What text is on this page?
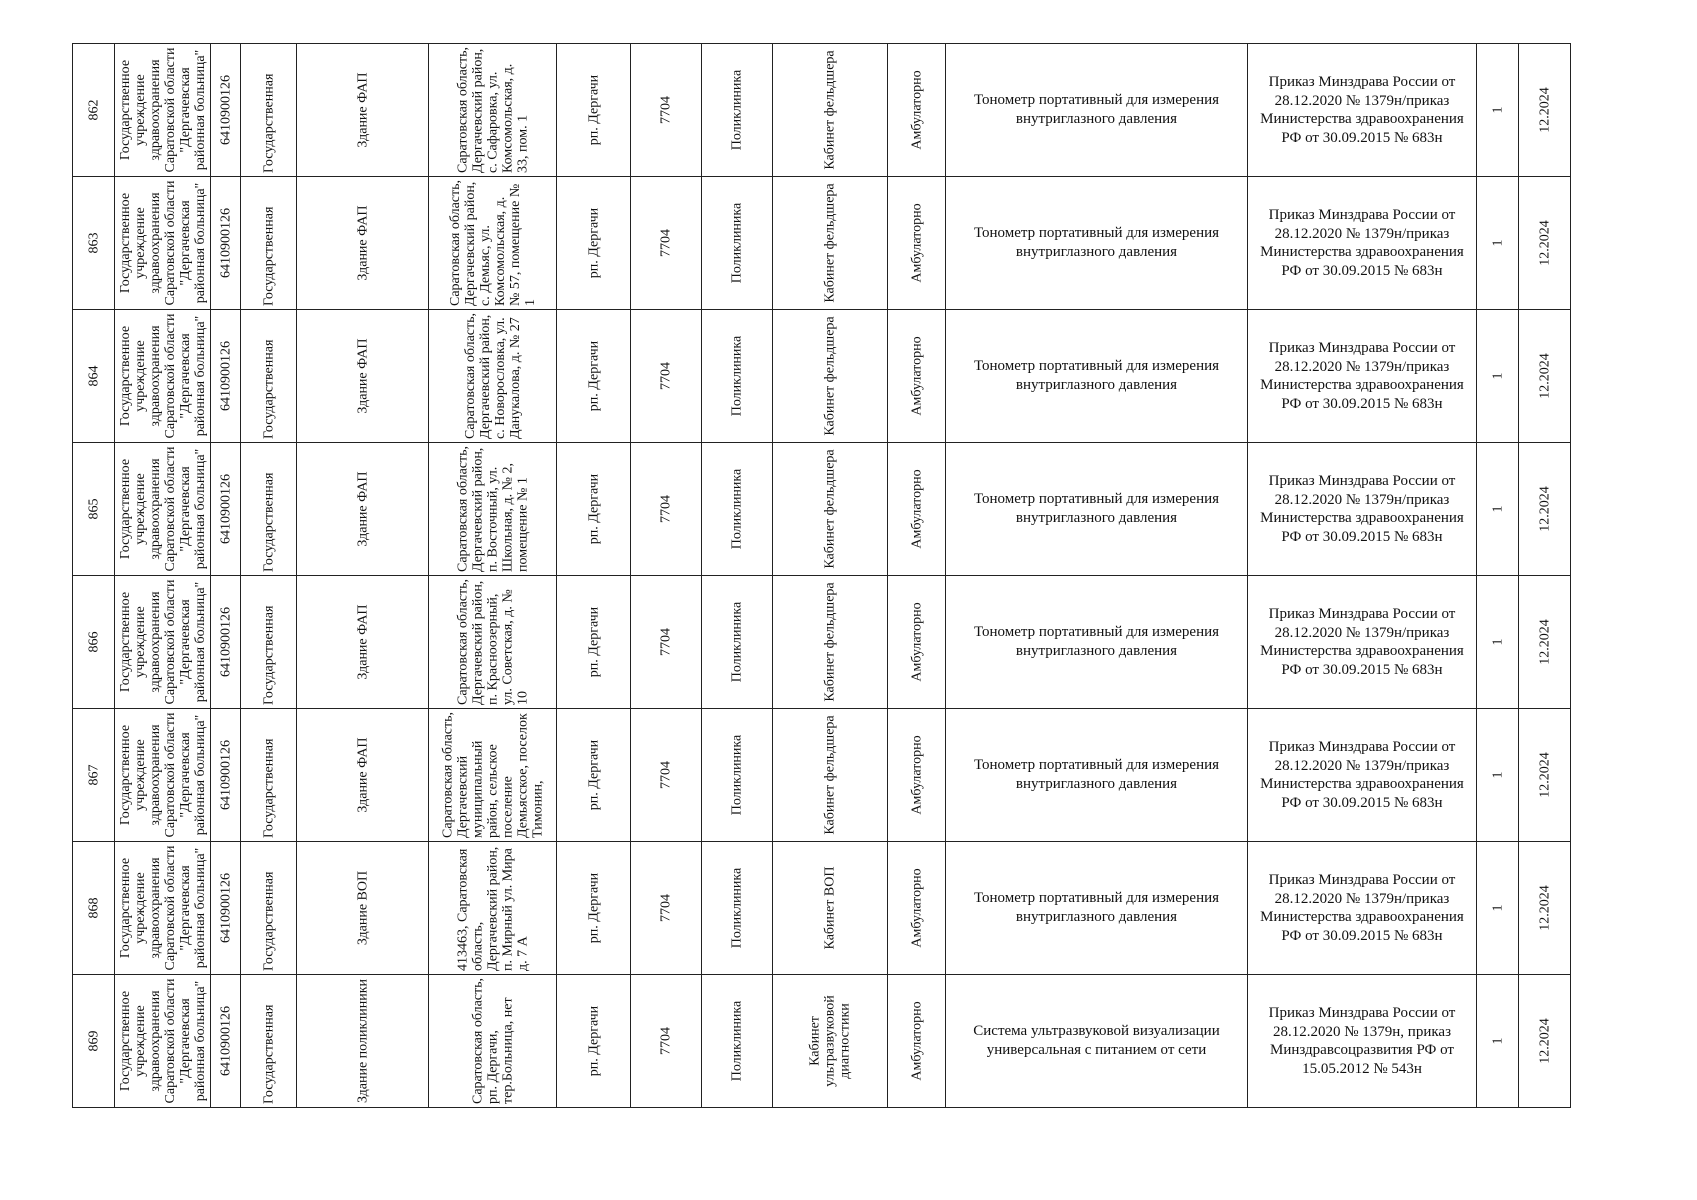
862	Государственное учреждение здравоохранения Саратовской области "Дергачевская районная больница"	6410900126	Государственная	Здание ФАП	Саратовская область, Дергачевский район, с. Сафаровка, ул. Комсомольская, д. 33, пом. 1	рп. Дергачи	7704	Поликлиника	Кабинет фельдшера	Амбулаторно	Тонометр портативный для измерения внутриглазного давления	Приказ Минздрава России от 28.12.2020 № 1379н/приказ Министерства здравоохранения РФ от 30.09.2015 № 683н	1	12.2024

863	Государственное учреждение здравоохранения Саратовской области "Дергачевская районная больница"	6410900126	Государственная	Здание ФАП	Саратовская область, Дергачевский район, с. Демьяс, ул. Комсомольская, д. № 57, помещение № 1	рп. Дергачи	7704	Поликлиника	Кабинет фельдшера	Амбулаторно	Тонометр портативный для измерения внутриглазного давления	Приказ Минздрава России от 28.12.2020 № 1379н/приказ Министерства здравоохранения РФ от 30.09.2015 № 683н	1	12.2024

864	Государственное учреждение здравоохранения Саратовской области "Дергачевская районная больница"	6410900126	Государственная	Здание ФАП	Саратовская область, Дергачевский район, с. Новорословка, ул. Данукалова, д. № 27	рп. Дергачи	7704	Поликлиника	Кабинет фельдшера	Амбулаторно	Тонометр портативный для измерения внутриглазного давления	Приказ Минздрава России от 28.12.2020 № 1379н/приказ Министерства здравоохранения РФ от 30.09.2015 № 683н	1	12.2024

865	Государственное учреждение здравоохранения Саратовской области "Дергачевская районная больница"	6410900126	Государственная	Здание ФАП	Саратовская область, Дергачевский район, п. Восточный, ул. Школьная, д. № 2, помещение № 1	рп. Дергачи	7704	Поликлиника	Кабинет фельдшера	Амбулаторно	Тонометр портативный для измерения внутриглазного давления	Приказ Минздрава России от 28.12.2020 № 1379н/приказ Министерства здравоохранения РФ от 30.09.2015 № 683н	1	12.2024

866	Государственное учреждение здравоохранения Саратовской области "Дергачевская районная больница"	6410900126	Государственная	Здание ФАП	Саратовская область, Дергачевский район, п. Красноозерный, ул. Советская, д. № 10	рп. Дергачи	7704	Поликлиника	Кабинет фельдшера	Амбулаторно	Тонометр портативный для измерения внутриглазного давления	Приказ Минздрава России от 28.12.2020 № 1379н/приказ Министерства здравоохранения РФ от 30.09.2015 № 683н	1	12.2024

867	Государственное учреждение здравоохранения Саратовской области "Дергачевская районная больница"	6410900126	Государственная	Здание ФАП	Саратовская область, Дергачевский муниципальный район, сельское поселение Демьясское, поселок Тимонин,	рп. Дергачи	7704	Поликлиника	Кабинет фельдшера	Амбулаторно	Тонометр портативный для измерения внутриглазного давления	Приказ Минздрава России от 28.12.2020 № 1379н/приказ Министерства здравоохранения РФ от 30.09.2015 № 683н	1	12.2024

868	Государственное учреждение здравоохранения Саратовской области "Дергачевская районная больница"	6410900126	Государственная	Здание ВОП	413463, Саратовская область, Дергачевский район, п. Мирный ул. Мира д. 7 А	рп. Дергачи	7704	Поликлиника	Кабинет ВОП	Амбулаторно	Тонометр портативный для измерения внутриглазного давления	Приказ Минздрава России от 28.12.2020 № 1379н/приказ Министерства здравоохранения РФ от 30.09.2015 № 683н	1	12.2024

869	Государственное учреждение здравоохранения Саратовской области "Дергачевская районная больница"	6410900126	Государственная	Здание поликлиники	Саратовская область, рп. Дергачи, тер.Больница, нет	рп. Дергачи	7704	Поликлиника	Кабинет ультразвуковой диагностики	Амбулаторно	Система ультразвуковой визуализации универсальная с питанием от сети	Приказ Минздрава России от 28.12.2020 № 1379н, приказ Минздравсоцразвития РФ от 15.05.2012 № 543н	1	12.2024
